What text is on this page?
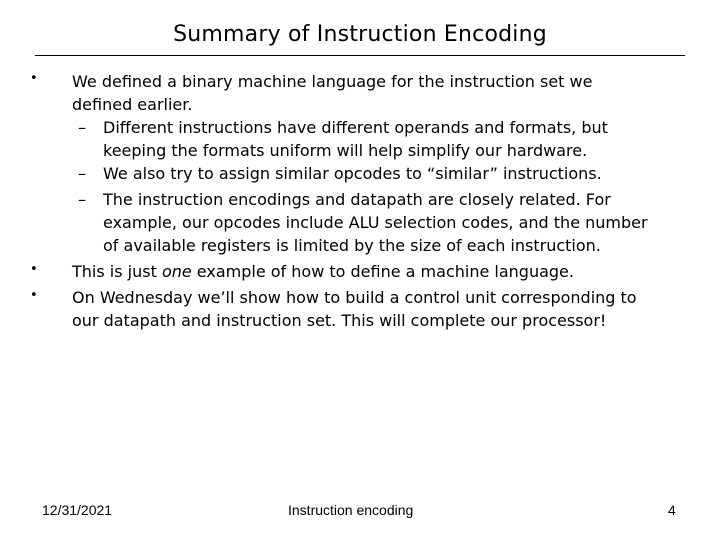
Summary of Instruction Encoding
• We defined a binary machine language for the instruction set we
defined earlier.
– Different instructions have different operands and formats, but
keeping the formats uniform will help simplify our hardware.
– We also try to assign similar opcodes to “similar” instructions.
– The instruction encodings and datapath are closely related. For
example, our opcodes include ALU selection codes, and the number
of available registers is limited by the size of each instruction.
• This is just one example of how to define a machine language.
• On Wednesday we’ll show how to build a control unit corresponding to
our datapath and instruction set. This will complete our processor!
12/31/2021	Instruction encoding	4
